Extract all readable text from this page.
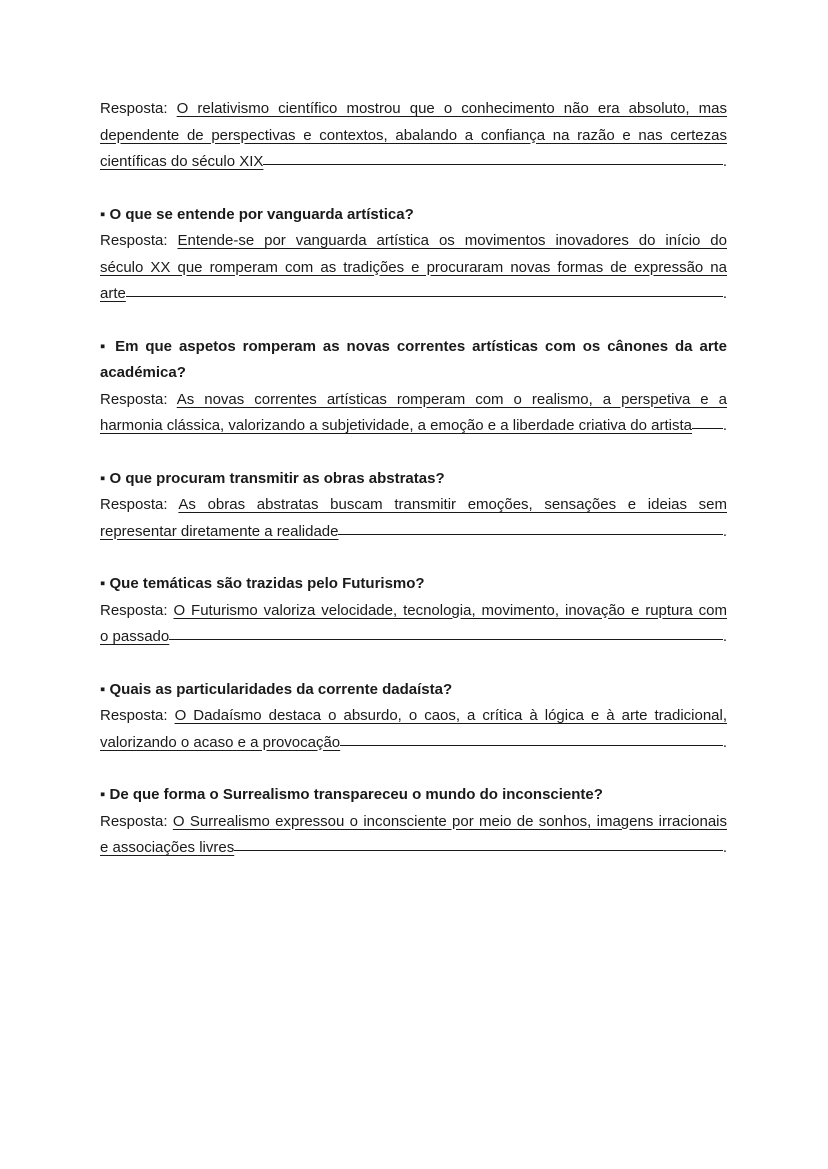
Resposta: O relativismo científico mostrou que o conhecimento não era absoluto, mas
dependente de perspectivas e contextos, abalando a confiança na razão e nas certezas
científicas do século XIX	.
▪ O que se entende por vanguarda artística?
Resposta: Entende-se por vanguarda artística os movimentos inovadores do início do
século XX que romperam com as tradições e procuraram novas formas de expressão na
arte	.
▪ Em que aspetos romperam as novas correntes artísticas com os cânones da arte académica?
Resposta: As novas correntes artísticas romperam com o realismo, a perspetiva e a
harmonia clássica, valorizando a subjetividade, a emoção e a liberdade criativa do artista .
▪ O que procuram transmitir as obras abstratas?
Resposta: As obras abstratas buscam transmitir emoções, sensações e ideias sem
representar diretamente a realidade	.
▪ Que temáticas são trazidas pelo Futurismo?
Resposta: O Futurismo valoriza velocidade, tecnologia, movimento, inovação e ruptura com
o passado	.
▪ Quais as particularidades da corrente dadaísta?
Resposta: O Dadaísmo destaca o absurdo, o caos, a crítica à lógica e à arte tradicional,
valorizando o acaso e a provocação	.
▪ De que forma o Surrealismo transpareceu o mundo do inconsciente?
Resposta: O Surrealismo expressou o inconsciente por meio de sonhos, imagens irracionais
e associações livres	.
